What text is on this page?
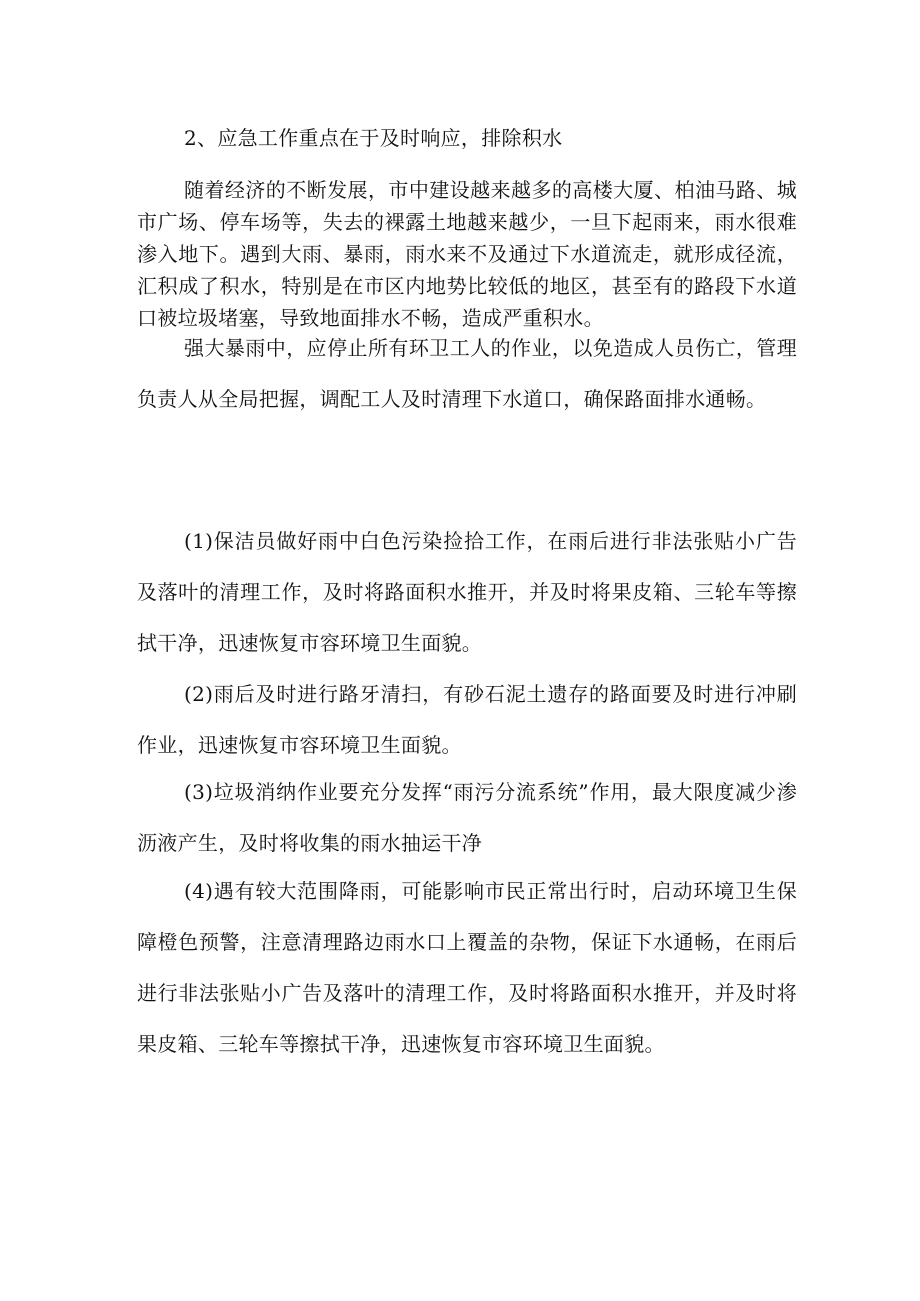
2、应急工作重点在于及时响应，排除积水

随着经济的不断发展，市中建设越来越多的高楼大厦、柏油马路、城市广场、停车场等，失去的裸露土地越来越少，一旦下起雨来，雨水很难渗入地下。遇到大雨、暴雨，雨水来不及通过下水道流走，就形成径流，汇积成了积水，特别是在市区内地势比较低的地区，甚至有的路段下水道口被垃圾堵塞，导致地面排水不畅，造成严重积水。

强大暴雨中，应停止所有环卫工人的作业，以免造成人员伤亡，管理负责人从全局把握，调配工人及时清理下水道口，确保路面排水通畅。

(1)保洁员做好雨中白色污染捡拾工作，在雨后进行非法张贴小广告及落叶的清理工作，及时将路面积水推开，并及时将果皮箱、三轮车等擦拭干净，迅速恢复市容环境卫生面貌。

(2)雨后及时进行路牙清扫，有砂石泥土遗存的路面要及时进行冲刷作业，迅速恢复市容环境卫生面貌。

(3)垃圾消纳作业要充分发挥“雨污分流系统”作用，最大限度减少渗沥液产生，及时将收集的雨水抽运干净

(4)遇有较大范围降雨，可能影响市民正常出行时，启动环境卫生保障橙色预警，注意清理路边雨水口上覆盖的杂物，保证下水通畅，在雨后进行非法张贴小广告及落叶的清理工作，及时将路面积水推开，并及时将果皮箱、三轮车等擦拭干净，迅速恢复市容环境卫生面貌。
